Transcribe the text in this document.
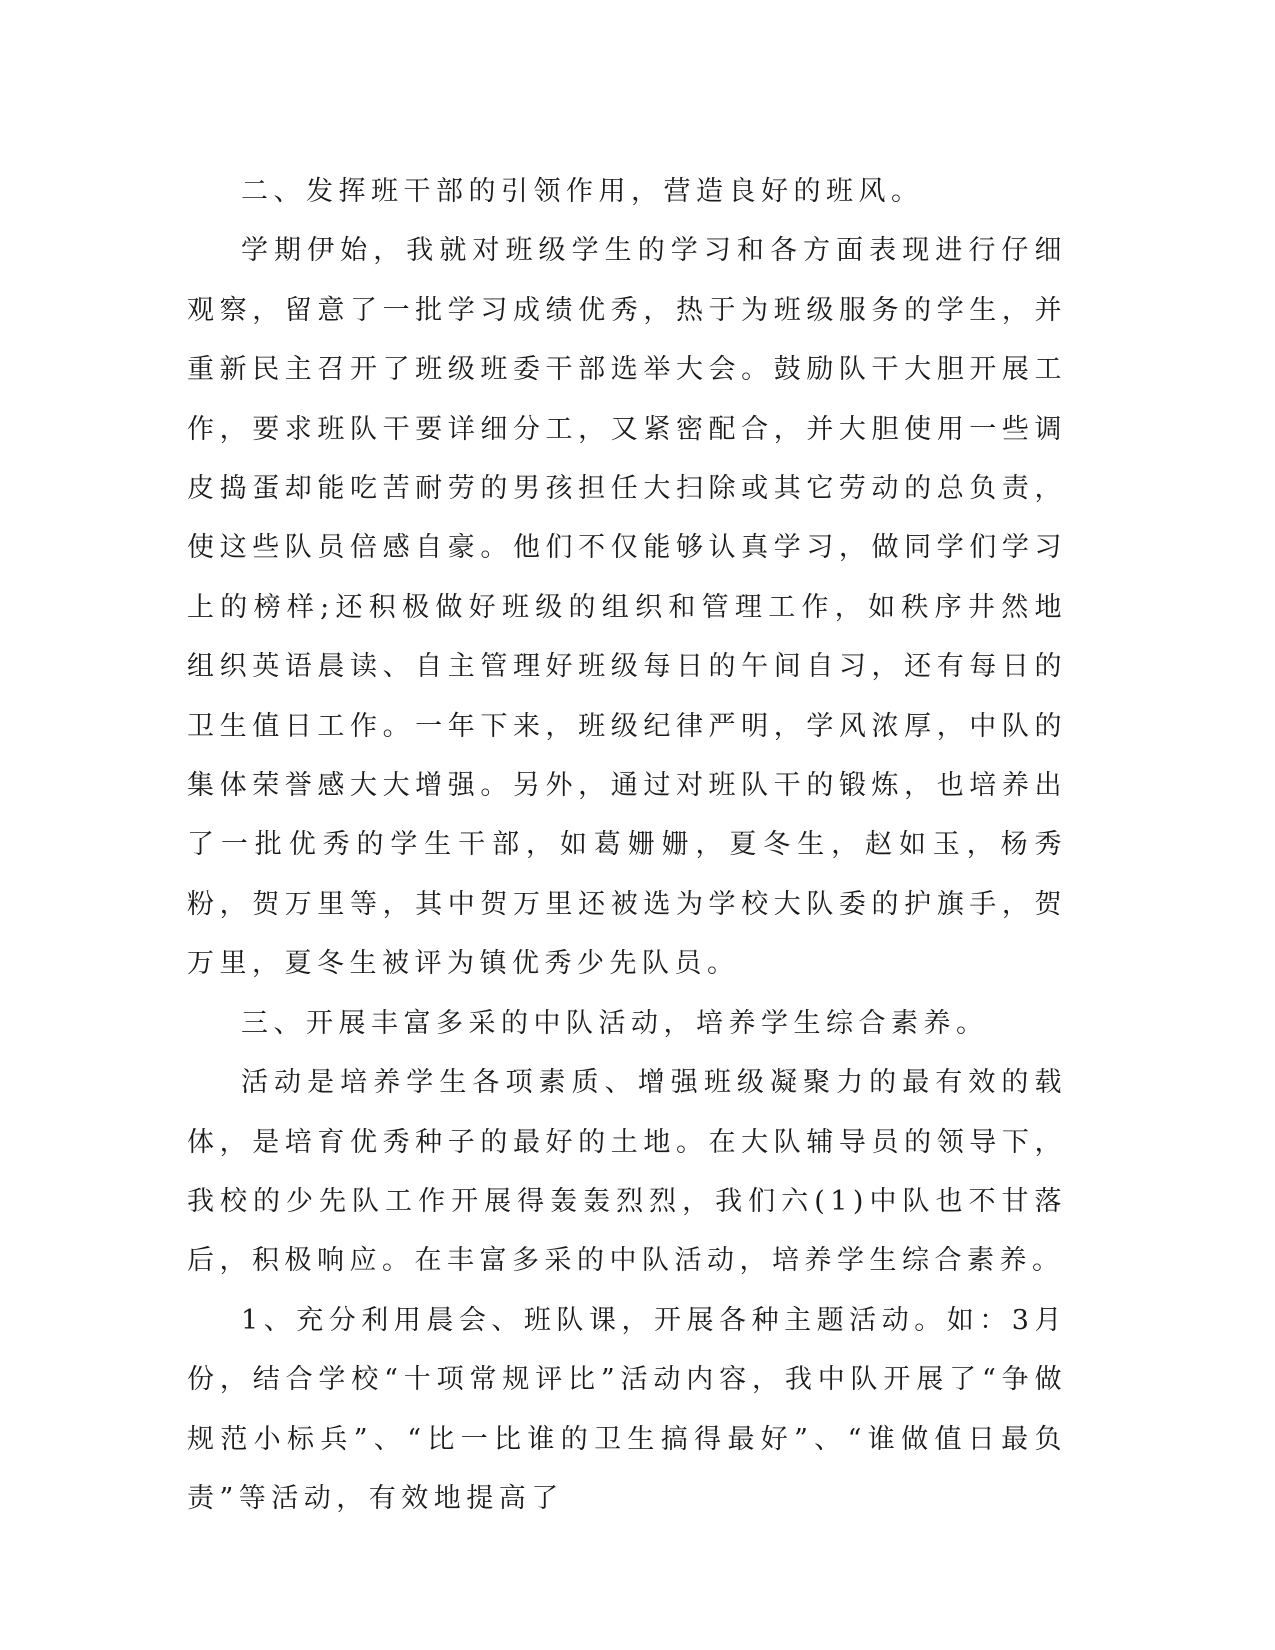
二、发挥班干部的引领作用，营造良好的班风。

学期伊始，我就对班级学生的学习和各方面表现进行仔细观察，留意了一批学习成绩优秀，热于为班级服务的学生，并重新民主召开了班级班委干部选举大会。鼓励队干大胆开展工作，要求班队干要详细分工，又紧密配合，并大胆使用一些调皮捣蛋却能吃苦耐劳的男孩担任大扫除或其它劳动的总负责，使这些队员倍感自豪。他们不仅能够认真学习，做同学们学习上的榜样;还积极做好班级的组织和管理工作，如秩序井然地组织英语晨读、自主管理好班级每日的午间自习，还有每日的卫生值日工作。一年下来，班级纪律严明，学风浓厚，中队的集体荣誉感大大增强。另外，通过对班队干的锻炼，也培养出了一批优秀的学生干部，如葛姗姗，夏冬生，赵如玉，杨秀粉，贺万里等，其中贺万里还被选为学校大队委的护旗手，贺万里，夏冬生被评为镇优秀少先队员。

三、开展丰富多采的中队活动，培养学生综合素养。

活动是培养学生各项素质、增强班级凝聚力的最有效的载体，是培育优秀种子的最好的土地。在大队辅导员的领导下，我校的少先队工作开展得轰轰烈烈，我们六(1)中队也不甘落后，积极响应。在丰富多采的中队活动，培养学生综合素养。

1、充分利用晨会、班队课，开展各种主题活动。如：3月份，结合学校“十项常规评比”活动内容，我中队开展了“争做规范小标兵”、“比一比谁的卫生搞得最好”、“谁做值日最负责”等活动，有效地提高了
